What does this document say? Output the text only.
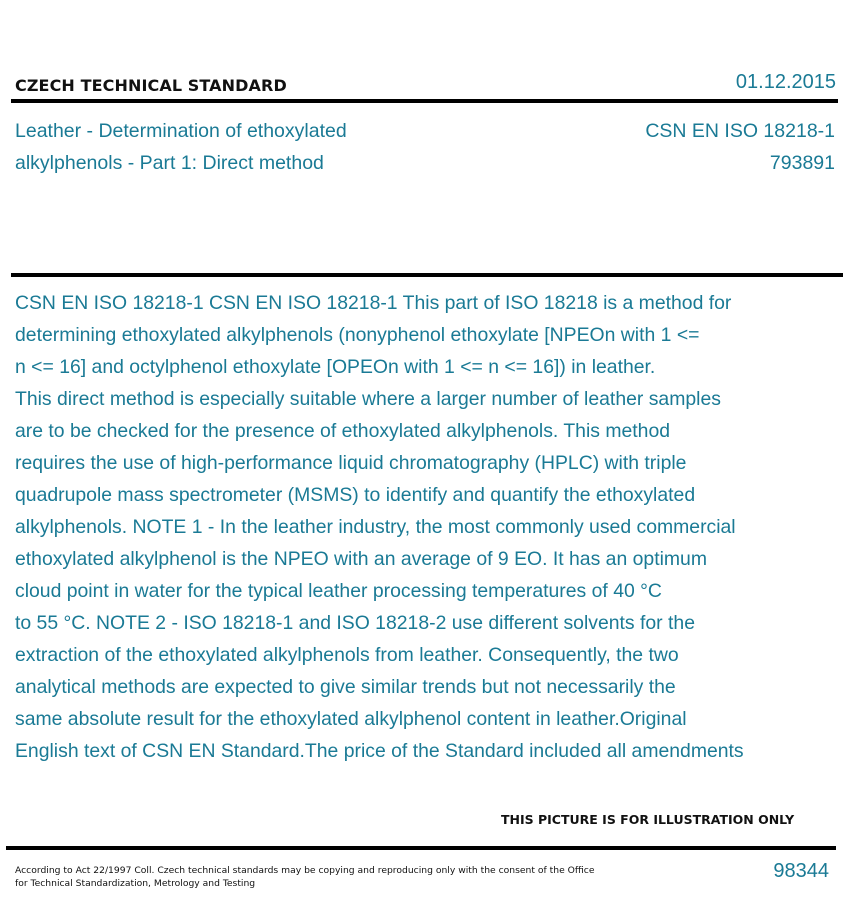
CZECH TECHNICAL STANDARD	01.12.2015
Leather - Determination of ethoxylated
alkylphenols - Part 1: Direct method
CSN EN ISO 18218-1
793891
CSN EN ISO 18218-1 CSN EN ISO 18218-1 This part of ISO 18218 is a method for
determining ethoxylated alkylphenols (nonyphenol ethoxylate [NPEOn with 1 <=
n <= 16] and octylphenol ethoxylate [OPEOn with 1 <= n <= 16]) in leather.
This direct method is especially suitable where a larger number of leather samples
are to be checked for the presence of ethoxylated alkylphenols. This method
requires the use of high-performance liquid chromatography (HPLC) with triple
quadrupole mass spectrometer (MSMS) to identify and quantify the ethoxylated
alkylphenols. NOTE 1 - In the leather industry, the most commonly used commercial
ethoxylated alkylphenol is the NPEO with an average of 9 EO. It has an optimum
cloud point in water for the typical leather processing temperatures of 40 °C
to 55 °C. NOTE 2 - ISO 18218-1 and ISO 18218-2 use different solvents for the
extraction of the ethoxylated alkylphenols from leather. Consequently, the two
analytical methods are expected to give similar trends but not necessarily the
same absolute result for the ethoxylated alkylphenol content in leather.Original
English text of CSN EN Standard.The price of the Standard included all amendments
THIS PICTURE IS FOR ILLUSTRATION ONLY
According to Act 22/1997 Coll. Czech technical standards may be copying and reproducing only with the consent of the Office
for Technical Standardization, Metrology and Testing
98344
